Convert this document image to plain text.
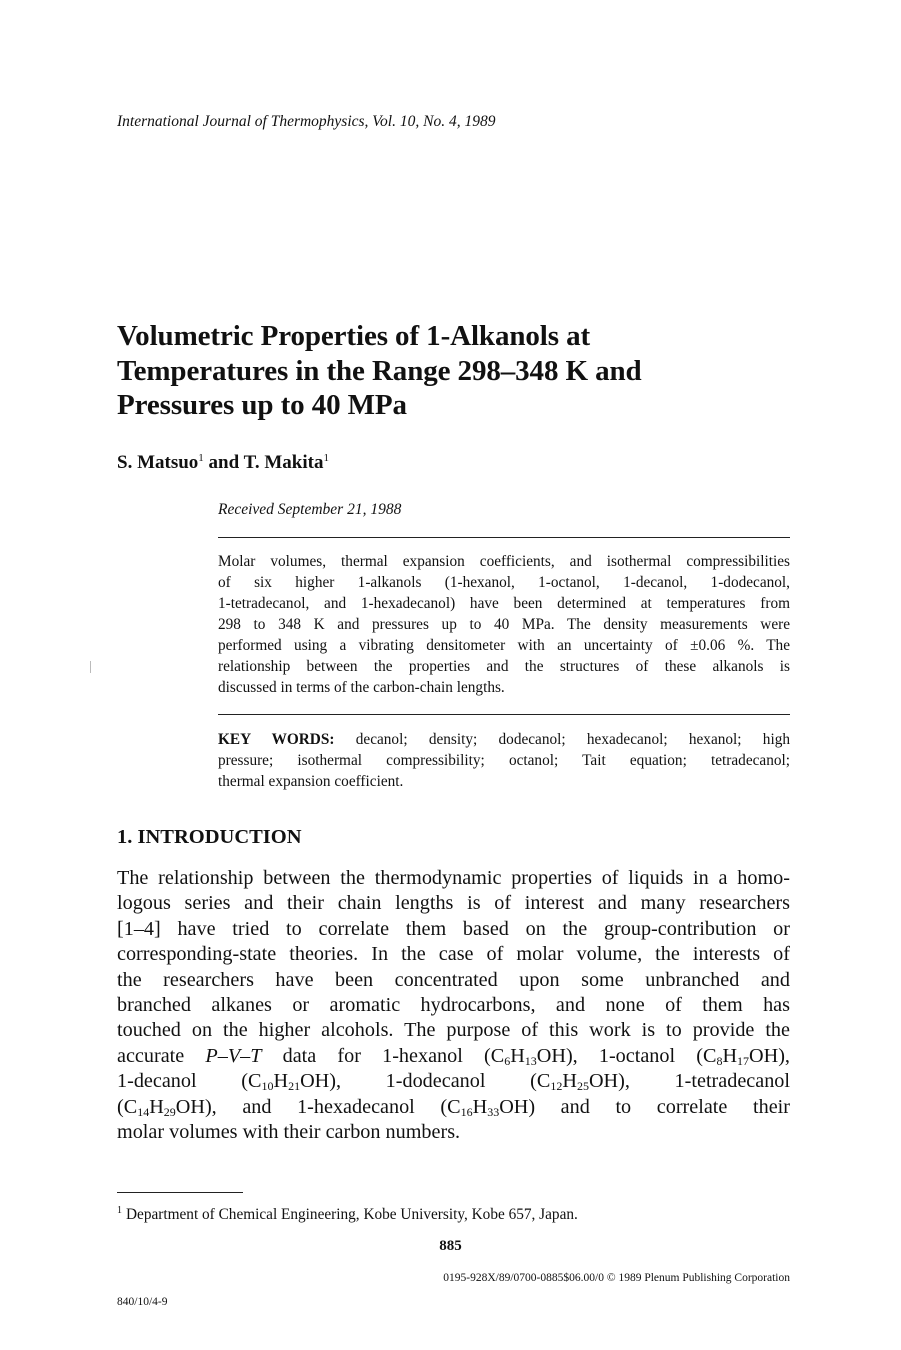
International Journal of Thermophysics, Vol. 10, No. 4, 1989
Volumetric Properties of 1-Alkanols at
Temperatures in the Range 298–348 K and
Pressures up to 40 MPa
S. Matsuo$^1$ and T. Makita$^1$
Received September 21, 1988
Molar volumes, thermal expansion coefficients, and isothermal compressibilities
of six higher 1-alkanols (1-hexanol, 1-octanol, 1-decanol, 1-dodecanol,
1-tetradecanol, and 1-hexadecanol) have been determined at temperatures from
298 to 348 K and pressures up to 40 MPa. The density measurements were
performed using a vibrating densitometer with an uncertainty of ±0.06 %. The
relationship between the properties and the structures of these alkanols is
discussed in terms of the carbon-chain lengths.
KEY WORDS: decanol; density; dodecanol; hexadecanol; hexanol; high
pressure; isothermal compressibility; octanol; Tait equation; tetradecanol;
thermal expansion coefficient.
1. INTRODUCTION
The relationship between the thermodynamic properties of liquids in a homo-
logous series and their chain lengths is of interest and many researchers
[1–4] have tried to correlate them based on the group-contribution or
corresponding-state theories. In the case of molar volume, the interests of
the researchers have been concentrated upon some unbranched and
branched alkanes or aromatic hydrocarbons, and none of them has
touched on the higher alcohols. The purpose of this work is to provide the
accurate P–V–T data for 1-hexanol $(C_6H_{13}OH)$, 1-octanol $(C_8H_{17}OH)$,
1-decanol $(C_{10}H_{21}OH)$, 1-dodecanol $(C_{12}H_{25}OH)$, 1-tetradecanol
$(C_{14}H_{29}OH)$, and 1-hexadecanol $(C_{16}H_{33}OH)$ and to correlate their
molar volumes with their carbon numbers.
$^1$ Department of Chemical Engineering, Kobe University, Kobe 657, Japan.
885
0195-928X/89/0700-0885$06.00/0 © 1989 Plenum Publishing Corporation
840/10/4-9
